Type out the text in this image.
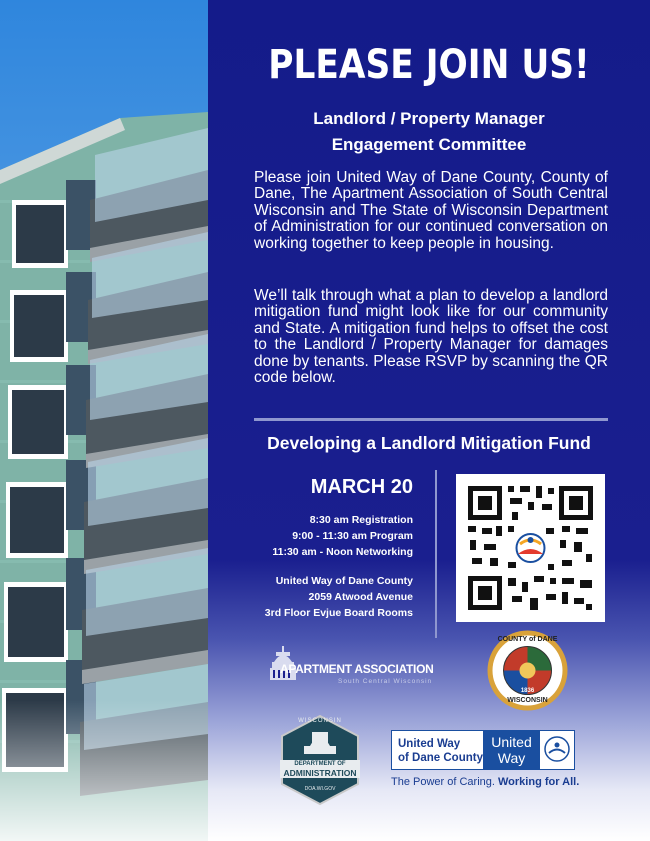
PLEASE JOIN US!
Landlord / Property Manager
Engagement Committee
Please join United Way of Dane County, County of Dane, The Apartment Association of South Central Wisconsin and The State of Wisconsin Department of Administration for our continued conversation on working together to keep people in housing.
We’ll talk through what a plan to develop a landlord mitigation fund might look like for our community and State. A mitigation fund helps to offset the cost to the Landlord / Property Manager for damages done by tenants. Please RSVP by scanning the QR code below.
Developing a Landlord Mitigation Fund
MARCH 20
8:30 am Registration
9:00 - 11:30 am Program
11:30 am - Noon Networking
United Way of Dane County
2059 Atwood Avenue
3rd Floor Evjue Board Rooms
APARTMENT ASSOCIATION
South Central Wisconsin
COUNTY of DANE
1836
WISCONSIN
WISCONSIN
DEPARTMENT OF
ADMINISTRATION
DOA.WI.GOV
United Way
of Dane County
United
Way
The Power of Caring. Working for All.
